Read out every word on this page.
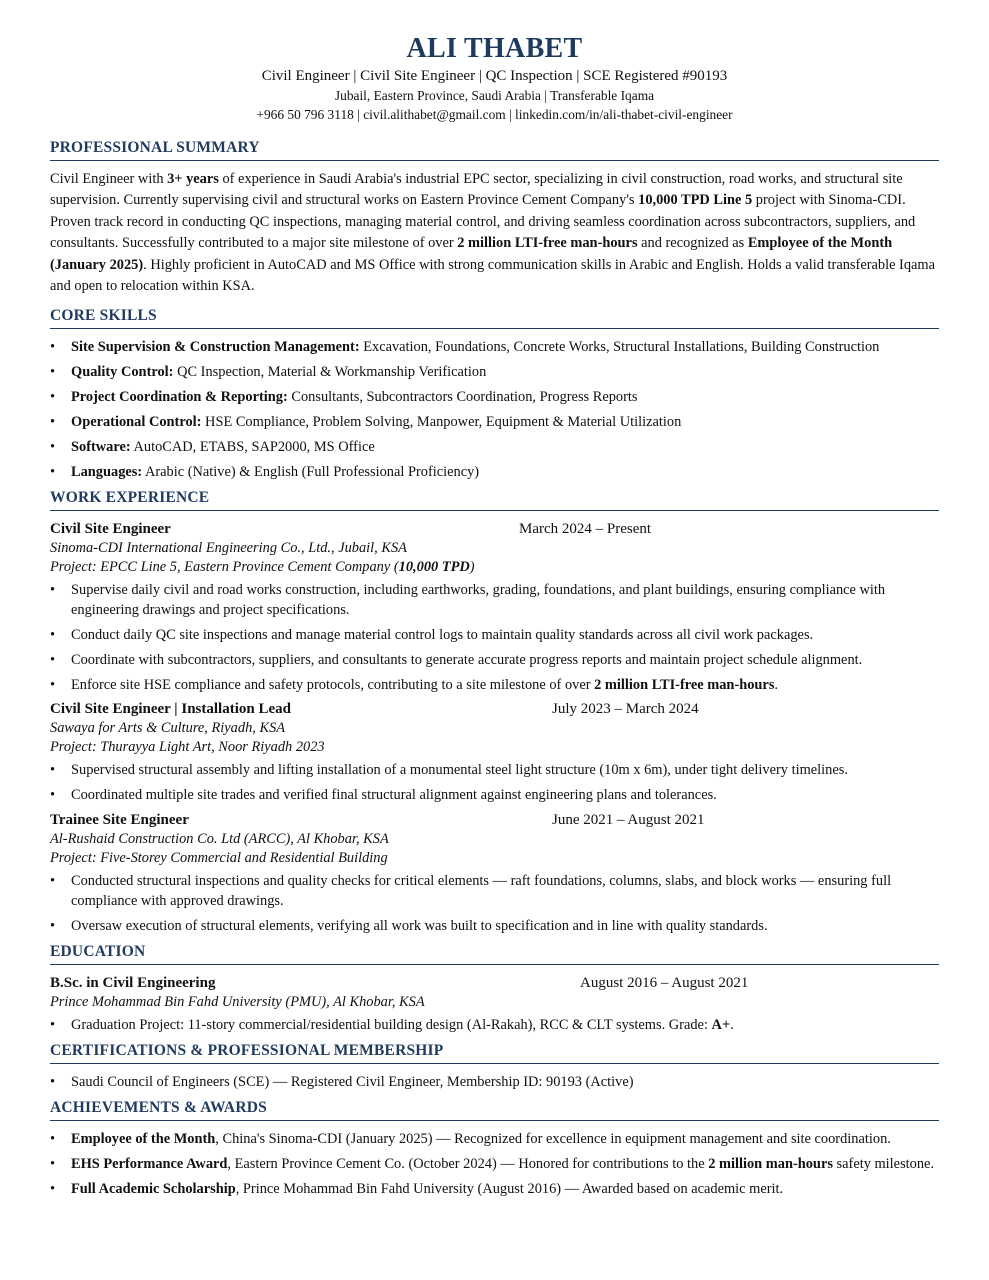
ALI THABET
Civil Engineer | Civil Site Engineer | QC Inspection | SCE Registered #90193
Jubail, Eastern Province, Saudi Arabia | Transferable Iqama
+966 50 796 3118 | civil.alithabet@gmail.com | linkedin.com/in/ali-thabet-civil-engineer
PROFESSIONAL SUMMARY

Civil Engineer with 3+ years of experience in Saudi Arabia's industrial EPC sector, specializing in civil construction, road works, and structural site supervision. Currently supervising civil and structural works on Eastern Province Cement Company's 10,000 TPD Line 5 project with Sinoma-CDI. Proven track record in conducting QC inspections, managing material control, and driving seamless coordination across subcontractors, suppliers, and consultants. Successfully contributed to a major site milestone of over 2 million LTI-free man-hours and recognized as Employee of the Month (January 2025). Highly proficient in AutoCAD and MS Office with strong communication skills in Arabic and English. Holds a valid transferable Iqama and open to relocation within KSA.

CORE SKILLS
• Site Supervision & Construction Management: Excavation, Foundations, Concrete Works, Structural Installations, Building Construction
• Quality Control: QC Inspection, Material & Workmanship Verification
• Project Coordination & Reporting: Consultants, Subcontractors Coordination, Progress Reports
• Operational Control: HSE Compliance, Problem Solving, Manpower, Equipment & Material Utilization
• Software: AutoCAD, ETABS, SAP2000, MS Office
• Languages: Arabic (Native) & English (Full Professional Proficiency)
WORK EXPERIENCE
Civil Site Engineer	March 2024 – Present
Sinoma-CDI International Engineering Co., Ltd., Jubail, KSA
Project: EPCC Line 5, Eastern Province Cement Company (10,000 TPD)
• Supervise daily civil and road works construction, including earthworks, grading, foundations, and plant buildings, ensuring compliance with engineering drawings and project specifications.
• Conduct daily QC site inspections and manage material control logs to maintain quality standards across all civil work packages.
• Coordinate with subcontractors, suppliers, and consultants to generate accurate progress reports and maintain project schedule alignment.
• Enforce site HSE compliance and safety protocols, contributing to a site milestone of over 2 million LTI-free man-hours.
Civil Site Engineer | Installation Lead	July 2023 – March 2024
Sawaya for Arts & Culture, Riyadh, KSA
Project: Thurayya Light Art, Noor Riyadh 2023
• Supervised structural assembly and lifting installation of a monumental steel light structure (10m x 6m), under tight delivery timelines.
• Coordinated multiple site trades and verified final structural alignment against engineering plans and tolerances.
Trainee Site Engineer	June 2021 – August 2021
Al-Rushaid Construction Co. Ltd (ARCC), Al Khobar, KSA
Project: Five-Storey Commercial and Residential Building
• Conducted structural inspections and quality checks for critical elements — raft foundations, columns, slabs, and block works — ensuring full compliance with approved drawings.
• Oversaw execution of structural elements, verifying all work was built to specification and in line with quality standards.
EDUCATION
B.Sc. in Civil Engineering	August 2016 – August 2021
Prince Mohammad Bin Fahd University (PMU), Al Khobar, KSA
• Graduation Project: 11-story commercial/residential building design (Al-Rakah), RCC & CLT systems. Grade: A+.
CERTIFICATIONS & PROFESSIONAL MEMBERSHIP
• Saudi Council of Engineers (SCE) — Registered Civil Engineer, Membership ID: 90193 (Active)
ACHIEVEMENTS & AWARDS
• Employee of the Month, China's Sinoma-CDI (January 2025) — Recognized for excellence in equipment management and site coordination.
• EHS Performance Award, Eastern Province Cement Co. (October 2024) — Honored for contributions to the 2 million man-hours safety milestone.
• Full Academic Scholarship, Prince Mohammad Bin Fahd University (August 2016) — Awarded based on academic merit.
